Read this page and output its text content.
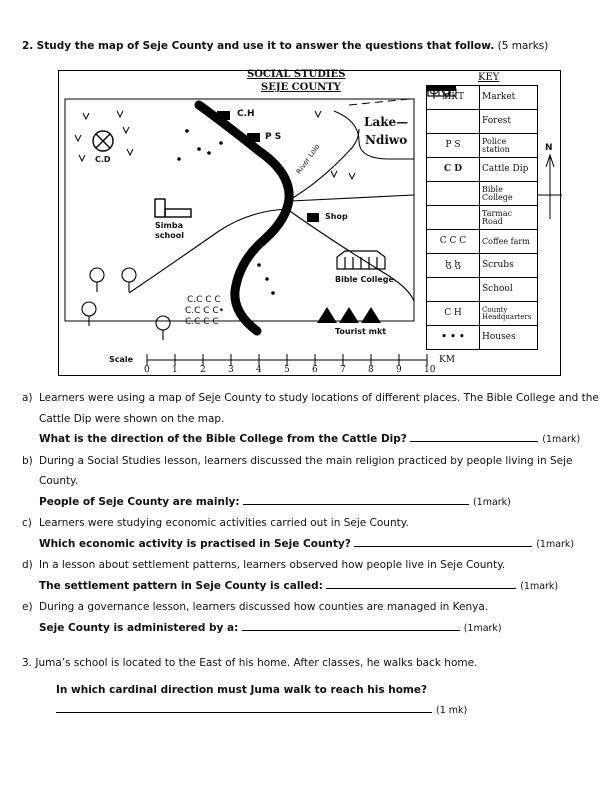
2. Study the map of Seje County and use it to answer the questions that follow. (5 marks)
SOCIAL STUDIES
SEJE COUNTY
C.H
P S
C.D
Lake—
Ndiwo
River Lolo
Shop
Simba
school
Bible College
Tourist mkt
C.C C C
C.C C C•
C.C C C
N
Scale
0 1 2 3 4 5 6 7 8 9 10
KM
KEY
MKT	Market

	Forest
P S	Police station
C D	Cattle Dip

	Bible College

	Tarmac Road
C C C	Coffee farm
ɮ ɮ	Scrubs

	School
C H	County Headquarters
• • •	Houses
a) Learners were using a map of Seje County to study locations of different places. The Bible College and the Cattle Dip were shown on the map.
What is the direction of the Bible College from the Cattle Dip?	(1mark)
b) During a Social Studies lesson, learners discussed the main religion practiced by people living in Seje County.
People of Seje County are mainly:	(1mark)
c) Learners were studying economic activities carried out in Seje County.
Which economic activity is practised in Seje County?	(1mark)
d) In a lesson about settlement patterns, learners observed how people live in Seje County.
The settlement pattern in Seje County is called:	(1mark)
e) During a governance lesson, learners discussed how counties are managed in Kenya.
Seje County is administered by a:	(1mark)
3. Juma’s school is located to the East of his home. After classes, he walks back home.
In which cardinal direction must Juma walk to reach his home?
(1 mk)
